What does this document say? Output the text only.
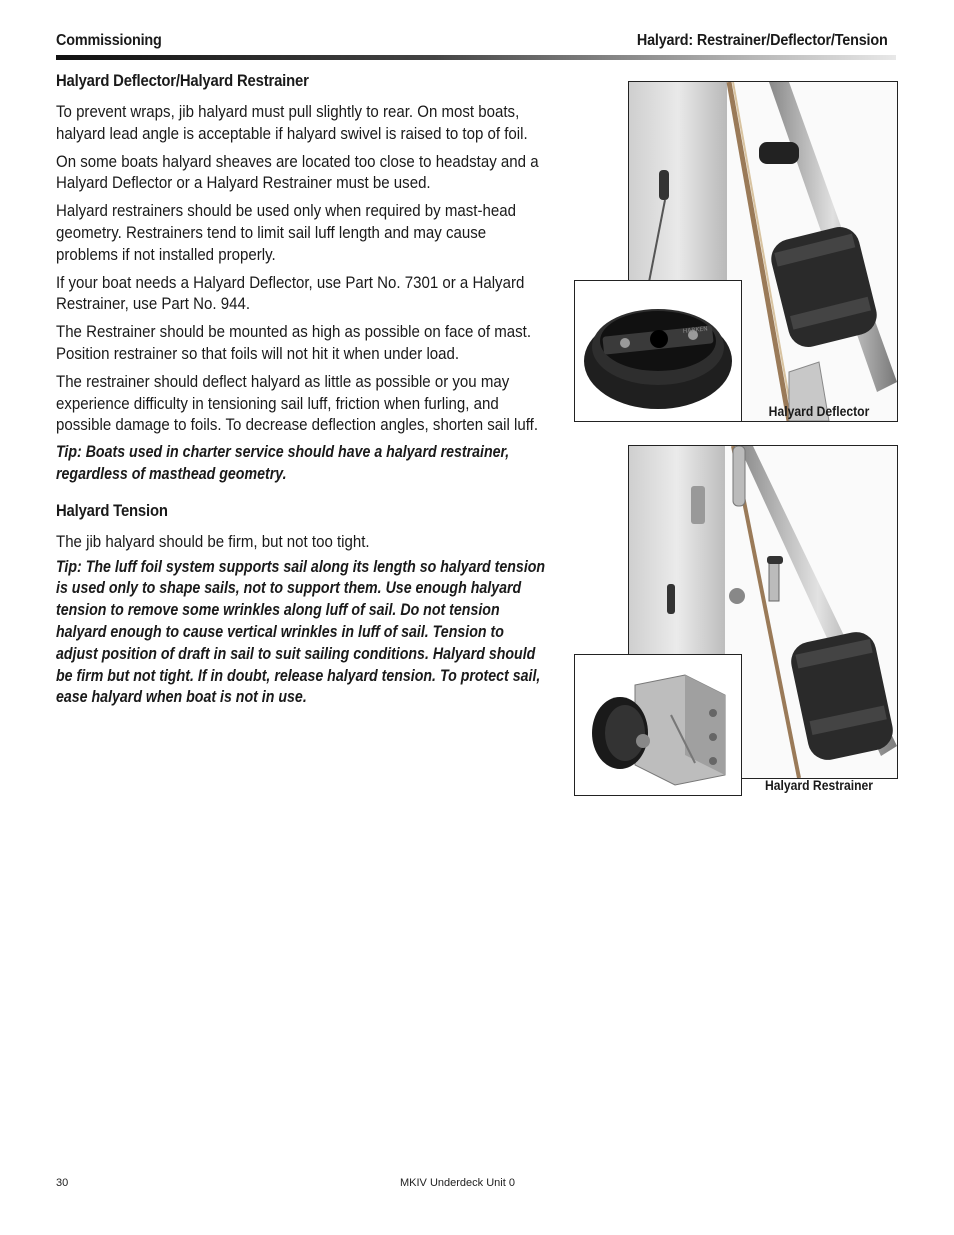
Commissioning	Halyard: Restrainer/Deflector/Tension
Halyard Deflector/Halyard Restrainer

To prevent wraps, jib halyard must pull slightly to rear. On most boats, halyard lead angle is acceptable if halyard swivel is raised to top of foil.

On some boats halyard sheaves are located too close to headstay and a Halyard Deflector or a Halyard Restrainer must be used.

Halyard restrainers should be used only when required by mast-head geometry. Restrainers tend to limit sail luff length and may cause problems if not installed properly.

If your boat needs a Halyard Deflector, use Part No. 7301 or a Halyard Restrainer, use Part No. 944.

The Restrainer should be mounted as high as possible on face of mast. Position restrainer so that foils will not hit it when under load.

The restrainer should deflect halyard as little as possible or you may experience difficulty in tensioning sail luff, friction when furling, and possible damage to foils. To decrease deflection angles, shorten sail luff.

Tip: Boats used in charter service should have a halyard restrainer, regardless of masthead geometry.

Halyard Tension

The jib halyard should be firm, but not too tight.

Tip: The luff foil system supports sail along its length so halyard tension is used only to shape sails, not to support them. Use enough halyard tension to remove some wrinkles along luff of sail. Do not tension halyard enough to cause vertical wrinkles in luff of sail. Tension to adjust position of draft in sail to suit sailing conditions. Halyard should be firm but not tight. If in doubt, release halyard tension. To protect sail, ease halyard when boat is not in use.

HARKEN
Halyard Deflector
Halyard Restrainer
30	MKIV Underdeck Unit 0
